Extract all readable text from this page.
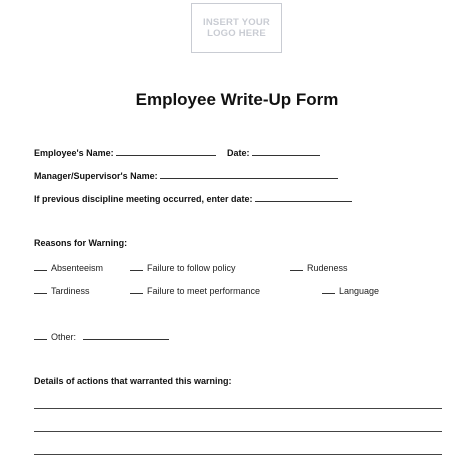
INSERT YOUR
LOGO HERE
Employee Write-Up Form
Employee's Name:	Date:
Manager/Supervisor's Name:
If previous discipline meeting occurred, enter date:
Reasons for Warning:
Absenteeism	Failure to follow policy	Rudeness
Tardiness	Failure to meet performance	Language
Other:
Details of actions that warranted this warning:
